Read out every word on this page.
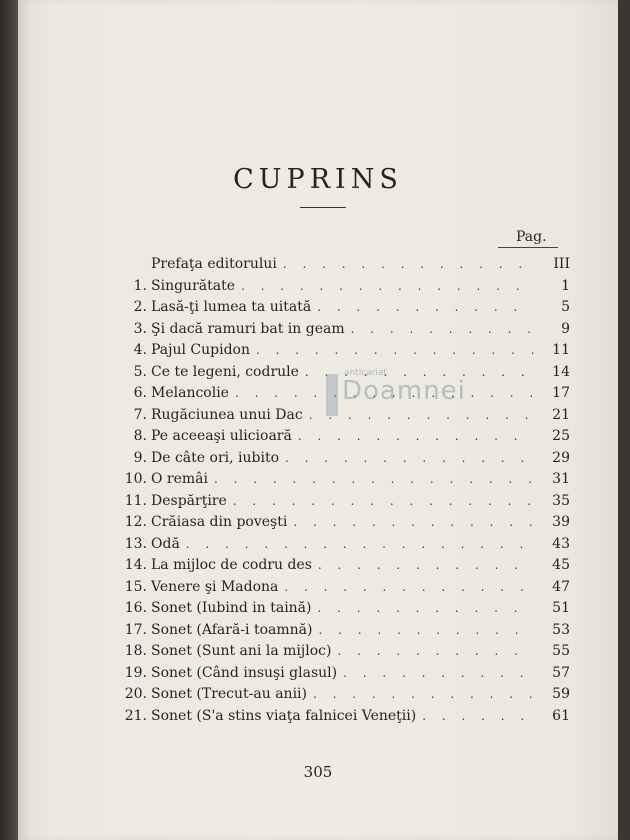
CUPRINS
Pag.
Prefaţa editorului . . .	III
1. Singurătate . . .	1
2. Lasă-ţi lumea ta uitată . . .	5
3. Şi dacă ramuri bat in geam . . .	9
4. Pajul Cupidon . . .	11
5. Ce te legeni, codrule . . .	14
6. Melancolie . . .	17
7. Rugăciunea unui Dac . . .	21
8. Pe aceeaşi ulicioară . . .	25
9. De câte ori, iubito . . .	29
10. O remâi . . .	31
11. Despărţire . . .	35
12. Crăiasa din poveşti . . .	39
13. Odă . . .	43
14. La mijloc de codru des . . .	45
15. Venere şi Madona . . .	47
16. Sonet (Iubind in taină) . . .	51
17. Sonet (Afară-i toamnă) . . .	53
18. Sonet (Sunt ani la mijloc) . . .	55
19. Sonet (Când insuşi glasul) . . .	57
20. Sonet (Trecut-au anii) . . .	59
21. Sonet (S'a stins viaţa falnicei Veneţii) . . .	61
anticariat
Doamnei
305
